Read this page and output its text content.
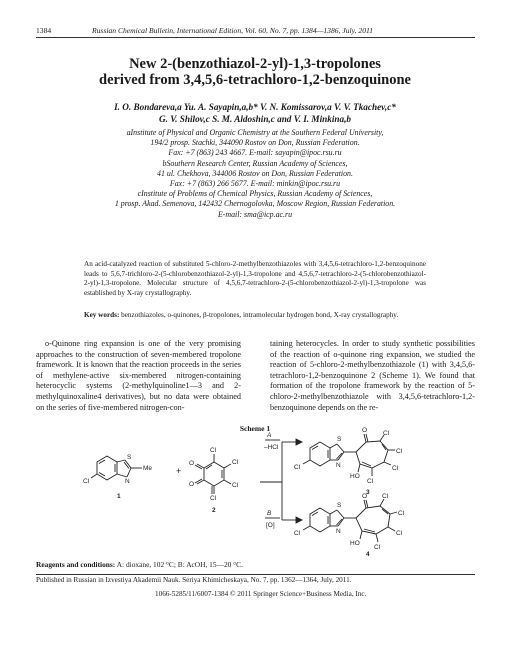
1384	Russian Chemical Bulletin, International Edition, Vol. 60, No. 7, pp. 1384—1386, July, 2011
New 2-(benzothiazol-2-yl)-1,3-tropolones
derived from 3,4,5,6-tetrachloro-1,2-benzoquinone
I. O. Bondareva,a Yu. A. Sayapin,a,b* V. N. Komissarov,a V. V. Tkachev,c*
G. V. Shilov,c S. M. Aldoshin,c and V. I. Minkina,b
aInstitute of Physical and Organic Chemistry at the Southern Federal University,
194/2 prosp. Stachki, 344090 Rostov on Don, Russian Federation.
Fax: +7 (863) 243 4667. E-mail: sayapin@ipoc.rsu.ru
bSouthern Research Center, Russian Academy of Sciences,
41 ul. Chekhova, 344006 Rostov on Don, Russian Federation.
Fax: +7 (863) 266 5677. E-mail: minkin@ipoc.rsu.ru
cInstitute of Problems of Chemical Physics, Russian Academy of Sciences,
1 prosp. Akad. Semenova, 142432 Chernogolovka, Moscow Region, Russian Federation.
E-mail: sma@icp.ac.ru
An acid-catalyzed reaction of substituted 5-chloro-2-methylbenzothiazoles with 3,4,5,6-tetrachloro-1,2-benzoquinone leads to 5,6,7-trichloro-2-(5-chlorobenzothiazol-2-yl)-1,3-tropolone and 4,5,6,7-tetrachloro-2-(5-chlorobenzothiazol-2-yl)-1,3-tropolone. Molecular structure of 4,5,6,7-tetrachloro-2-(5-chlorobenzothiazol-2-yl)-1,3-tropolone was established by X-ray crystallography.
Key words: benzothiazoles, o-quinones, β-tropolones, intramolecular hydrogen bond, X-ray crystallography.

o-Quinone ring expansion is one of the very promising approaches to the construction of seven-membered tropolone framework. It is known that the reaction proceeds in the series of methylene-active six-membered nitrogen-containing heterocyclic systems (2-methylquinoline1—3 and 2-methylquinoxaline4 derivatives), but no data were obtained on the series of five-membered nitrogen-con-

taining heterocycles. In order to study synthetic possibilities of the reaction of o-quinone ring expansion, we studied the reaction of 5-chloro-2-methylbenzothiazole (1) with 3,4,5,6-tetrachloro-1,2-benzoquinone 2 (Scheme 1). We found that formation of the tropolone framework by the reaction of 5-chloro-2-methylbenzothiazole with 3,4,5,6-tetrachloro-1,2-benzoquinone depends on the re-

Scheme 1
S
N
Me
Cl
1
+
Cl
Cl
Cl
Cl
O
O
2
A
–HCl
B
[O]
S
N
Cl
O Cl
Cl
Cl
Cl
HO
3
S
N
Cl
O Cl
Cl
Cl
Cl
HO
4
Reagents and conditions: A: dioxane, 102 °C; B: AcOH, 15—20 °C.
Published in Russian in Izvestiya Akademii Nauk. Seriya Khimicheskaya, No. 7, pp. 1362—1364, July, 2011.
1066-5285/11/6007-1384 © 2011 Springer Science+Business Media, Inc.
